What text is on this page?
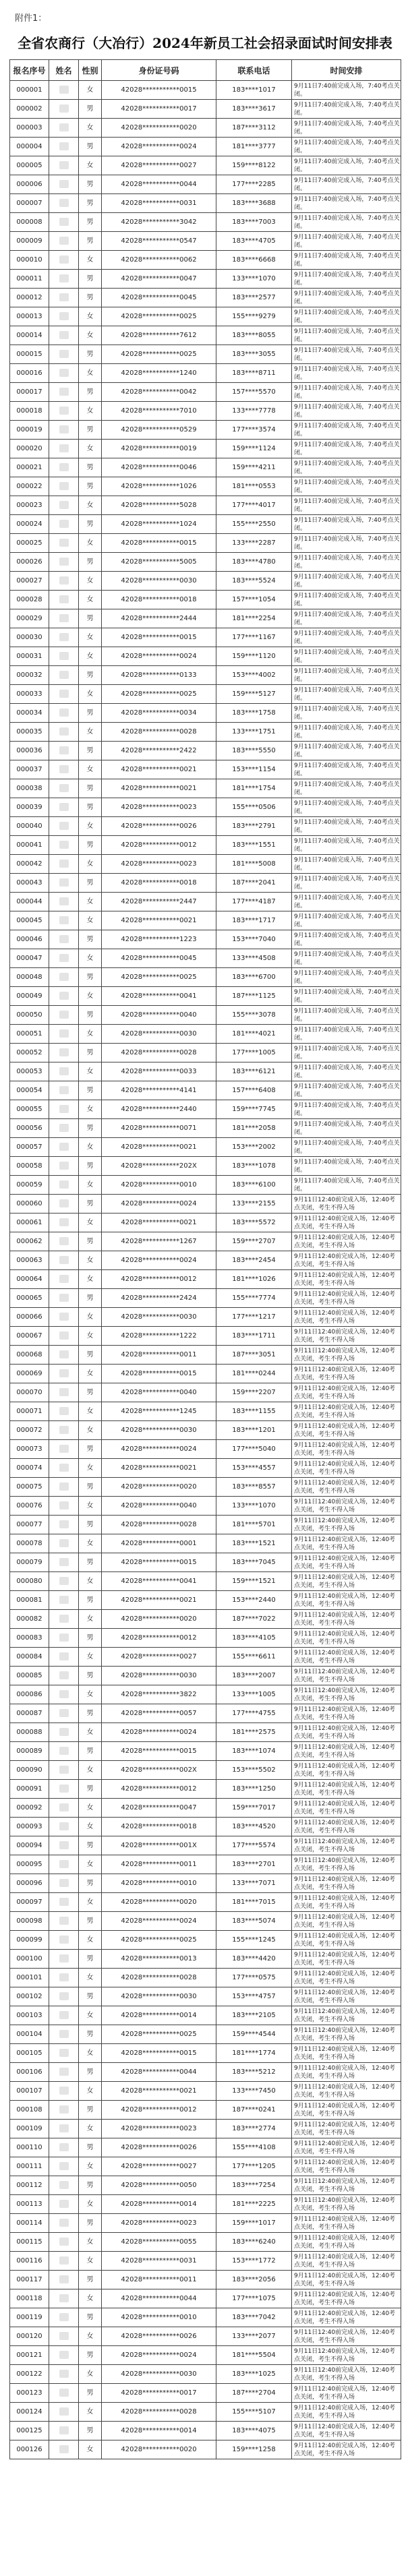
附件1：
全省农商行（大冶行）2024年新员工社会招录面试时间安排表
报名序号	姓名	性别	身份证号码	联系电话	时间安排
000001		女	42028***********0015	183****1017	9月11日7:40前完成入场，7:40考点关闭。
000002		男	42028***********0017	183****3617	9月11日7:40前完成入场，7:40考点关闭。
000003		女	42028***********0020	187****3112	9月11日7:40前完成入场，7:40考点关闭。
000004		男	42028***********0024	181****3777	9月11日7:40前完成入场，7:40考点关闭。
000005		女	42028***********0027	159****8122	9月11日7:40前完成入场，7:40考点关闭。
000006		男	42028***********0044	177****2285	9月11日7:40前完成入场，7:40考点关闭。
000007		男	42028***********0031	183****3688	9月11日7:40前完成入场，7:40考点关闭。
000008		男	42028***********3042	183****7003	9月11日7:40前完成入场，7:40考点关闭。
000009		男	42028***********0547	183****4705	9月11日7:40前完成入场，7:40考点关闭。
000010		女	42028***********0062	183****6668	9月11日7:40前完成入场，7:40考点关闭。
000011		男	42028***********0047	133****1070	9月11日7:40前完成入场，7:40考点关闭。
000012		男	42028***********0045	183****2577	9月11日7:40前完成入场，7:40考点关闭。
000013		女	42028***********0025	155****9279	9月11日7:40前完成入场，7:40考点关闭。
000014		女	42028***********7612	183****8055	9月11日7:40前完成入场，7:40考点关闭。
000015		男	42028***********0025	183****3055	9月11日7:40前完成入场，7:40考点关闭。
000016		女	42028***********1240	183****8711	9月11日7:40前完成入场，7:40考点关闭。
000017		男	42028***********0042	157****5570	9月11日7:40前完成入场，7:40考点关闭。
000018		女	42028***********7010	133****7778	9月11日7:40前完成入场，7:40考点关闭。
000019		男	42028***********0529	177****3574	9月11日7:40前完成入场，7:40考点关闭。
000020		女	42028***********0019	159****1124	9月11日7:40前完成入场，7:40考点关闭。
000021		男	42028***********0046	159****4211	9月11日7:40前完成入场，7:40考点关闭。
000022		男	42028***********1026	181****0553	9月11日7:40前完成入场，7:40考点关闭。
000023		女	42028***********5028	177****4017	9月11日7:40前完成入场，7:40考点关闭。
000024		男	42028***********1024	155****2550	9月11日7:40前完成入场，7:40考点关闭。
000025		女	42028***********0015	133****2287	9月11日7:40前完成入场，7:40考点关闭。
000026		男	42028***********5005	183****4780	9月11日7:40前完成入场，7:40考点关闭。
000027		女	42028***********0030	183****5524	9月11日7:40前完成入场，7:40考点关闭。
000028		女	42028***********0018	157****1054	9月11日7:40前完成入场，7:40考点关闭。
000029		男	42028***********2444	181****2254	9月11日7:40前完成入场，7:40考点关闭。
000030		女	42028***********0015	177****1167	9月11日7:40前完成入场，7:40考点关闭。
000031		女	42028***********0024	159****1120	9月11日7:40前完成入场，7:40考点关闭。
000032		男	42028***********0133	153****4002	9月11日7:40前完成入场，7:40考点关闭。
000033		女	42028***********0025	159****5127	9月11日7:40前完成入场，7:40考点关闭。
000034		男	42028***********0034	183****1758	9月11日7:40前完成入场，7:40考点关闭。
000035		女	42028***********0028	133****1751	9月11日7:40前完成入场，7:40考点关闭。
000036		男	42028***********2422	183****5550	9月11日7:40前完成入场，7:40考点关闭。
000037		女	42028***********0021	153****1154	9月11日7:40前完成入场，7:40考点关闭。
000038		男	42028***********0021	181****1754	9月11日7:40前完成入场，7:40考点关闭。
000039		男	42028***********0023	155****0506	9月11日7:40前完成入场，7:40考点关闭。
000040		女	42028***********0026	183****2791	9月11日7:40前完成入场，7:40考点关闭。
000041		男	42028***********0012	183****1551	9月11日7:40前完成入场，7:40考点关闭。
000042		女	42028***********0023	181****5008	9月11日7:40前完成入场，7:40考点关闭。
000043		男	42028***********0018	187****2041	9月11日7:40前完成入场，7:40考点关闭。
000044		女	42028***********2447	177****4187	9月11日7:40前完成入场，7:40考点关闭。
000045		女	42028***********0021	183****1717	9月11日7:40前完成入场，7:40考点关闭。
000046		男	42028***********1223	153****7040	9月11日7:40前完成入场，7:40考点关闭。
000047		女	42028***********0045	133****4508	9月11日7:40前完成入场，7:40考点关闭。
000048		男	42028***********0025	183****6700	9月11日7:40前完成入场，7:40考点关闭。
000049		女	42028***********0041	187****1125	9月11日7:40前完成入场，7:40考点关闭。
000050		男	42028***********0040	155****3078	9月11日7:40前完成入场，7:40考点关闭。
000051		女	42028***********0030	181****4021	9月11日7:40前完成入场，7:40考点关闭。
000052		男	42028***********0028	177****1005	9月11日7:40前完成入场，7:40考点关闭。
000053		女	42028***********0033	183****6121	9月11日7:40前完成入场，7:40考点关闭。
000054		男	42028***********4141	157****6408	9月11日7:40前完成入场，7:40考点关闭。
000055		女	42028***********2440	159****7745	9月11日7:40前完成入场，7:40考点关闭。
000056		男	42028***********0071	181****2058	9月11日7:40前完成入场，7:40考点关闭。
000057		女	42028***********0021	153****2002	9月11日7:40前完成入场，7:40考点关闭。
000058		男	42028***********202X	183****1078	9月11日7:40前完成入场，7:40考点关闭。
000059		女	42028***********0010	183****6100	9月11日7:40前完成入场，7:40考点关闭。
000060		男	42028***********0024	133****2155	9月11日12:40前完成入场，12:40考点关闭，考生不得入场
000061		女	42028***********0021	183****5572	9月11日12:40前完成入场，12:40考点关闭，考生不得入场
000062		男	42028***********1267	159****2707	9月11日12:40前完成入场，12:40考点关闭，考生不得入场
000063		女	42028***********0024	183****2454	9月11日12:40前完成入场，12:40考点关闭，考生不得入场
000064		女	42028***********0012	181****1026	9月11日12:40前完成入场，12:40考点关闭，考生不得入场
000065		男	42028***********2424	155****7774	9月11日12:40前完成入场，12:40考点关闭，考生不得入场
000066		女	42028***********0030	177****1217	9月11日12:40前完成入场，12:40考点关闭，考生不得入场
000067		女	42028***********1222	183****1711	9月11日12:40前完成入场，12:40考点关闭，考生不得入场
000068		男	42028***********0011	187****3051	9月11日12:40前完成入场，12:40考点关闭，考生不得入场
000069		女	42028***********0015	181****0244	9月11日12:40前完成入场，12:40考点关闭，考生不得入场
000070		男	42028***********0040	159****2207	9月11日12:40前完成入场，12:40考点关闭，考生不得入场
000071		女	42028***********1245	183****1155	9月11日12:40前完成入场，12:40考点关闭，考生不得入场
000072		女	42028***********0030	183****1201	9月11日12:40前完成入场，12:40考点关闭，考生不得入场
000073		男	42028***********0024	177****5040	9月11日12:40前完成入场，12:40考点关闭，考生不得入场
000074		女	42028***********0021	153****4557	9月11日12:40前完成入场，12:40考点关闭，考生不得入场
000075		男	42028***********0020	183****8557	9月11日12:40前完成入场，12:40考点关闭，考生不得入场
000076		女	42028***********0040	133****1070	9月11日12:40前完成入场，12:40考点关闭，考生不得入场
000077		男	42028***********0028	181****5701	9月11日12:40前完成入场，12:40考点关闭，考生不得入场
000078		女	42028***********0001	183****1521	9月11日12:40前完成入场，12:40考点关闭，考生不得入场
000079		男	42028***********0015	183****7045	9月11日12:40前完成入场，12:40考点关闭，考生不得入场
000080		女	42028***********0041	159****1521	9月11日12:40前完成入场，12:40考点关闭，考生不得入场
000081		男	42028***********0021	153****2440	9月11日12:40前完成入场，12:40考点关闭，考生不得入场
000082		女	42028***********0020	187****7022	9月11日12:40前完成入场，12:40考点关闭，考生不得入场
000083		男	42028***********0012	183****4105	9月11日12:40前完成入场，12:40考点关闭，考生不得入场
000084		女	42028***********0027	155****6611	9月11日12:40前完成入场，12:40考点关闭，考生不得入场
000085		男	42028***********0030	183****2007	9月11日12:40前完成入场，12:40考点关闭，考生不得入场
000086		女	42028***********3822	133****1005	9月11日12:40前完成入场，12:40考点关闭，考生不得入场
000087		男	42028***********0057	177****4755	9月11日12:40前完成入场，12:40考点关闭，考生不得入场
000088		女	42028***********0024	181****2575	9月11日12:40前完成入场，12:40考点关闭，考生不得入场
000089		男	42028***********0015	183****1074	9月11日12:40前完成入场，12:40考点关闭，考生不得入场
000090		女	42028***********002X	153****5502	9月11日12:40前完成入场，12:40考点关闭，考生不得入场
000091		男	42028***********0012	183****1250	9月11日12:40前完成入场，12:40考点关闭，考生不得入场
000092		女	42028***********0047	159****7017	9月11日12:40前完成入场，12:40考点关闭，考生不得入场
000093		女	42028***********0018	183****4520	9月11日12:40前完成入场，12:40考点关闭，考生不得入场
000094		男	42028***********001X	177****5574	9月11日12:40前完成入场，12:40考点关闭，考生不得入场
000095		女	42028***********0011	183****2701	9月11日12:40前完成入场，12:40考点关闭，考生不得入场
000096		男	42028***********0010	133****7071	9月11日12:40前完成入场，12:40考点关闭，考生不得入场
000097		女	42028***********0020	181****7015	9月11日12:40前完成入场，12:40考点关闭，考生不得入场
000098		男	42028***********0024	183****5074	9月11日12:40前完成入场，12:40考点关闭，考生不得入场
000099		女	42028***********0025	155****1245	9月11日12:40前完成入场，12:40考点关闭，考生不得入场
000100		男	42028***********0013	183****4420	9月11日12:40前完成入场，12:40考点关闭，考生不得入场
000101		女	42028***********0028	177****0575	9月11日12:40前完成入场，12:40考点关闭，考生不得入场
000102		男	42028***********0030	153****4757	9月11日12:40前完成入场，12:40考点关闭，考生不得入场
000103		女	42028***********0014	183****2105	9月11日12:40前完成入场，12:40考点关闭，考生不得入场
000104		男	42028***********0025	159****4544	9月11日12:40前完成入场，12:40考点关闭，考生不得入场
000105		女	42028***********0015	181****1774	9月11日12:40前完成入场，12:40考点关闭，考生不得入场
000106		男	42028***********0044	183****5212	9月11日12:40前完成入场，12:40考点关闭，考生不得入场
000107		女	42028***********0021	133****7450	9月11日12:40前完成入场，12:40考点关闭，考生不得入场
000108		男	42028***********0012	187****0241	9月11日12:40前完成入场，12:40考点关闭，考生不得入场
000109		女	42028***********0023	183****2774	9月11日12:40前完成入场，12:40考点关闭，考生不得入场
000110		男	42028***********0026	155****4108	9月11日12:40前完成入场，12:40考点关闭，考生不得入场
000111		女	42028***********0027	177****1205	9月11日12:40前完成入场，12:40考点关闭，考生不得入场
000112		男	42028***********0050	183****7254	9月11日12:40前完成入场，12:40考点关闭，考生不得入场
000113		女	42028***********0014	181****2225	9月11日12:40前完成入场，12:40考点关闭，考生不得入场
000114		男	42028***********0023	159****1017	9月11日12:40前完成入场，12:40考点关闭，考生不得入场
000115		女	42028***********0055	183****6240	9月11日12:40前完成入场，12:40考点关闭，考生不得入场
000116		女	42028***********0031	153****1772	9月11日12:40前完成入场，12:40考点关闭，考生不得入场
000117		男	42028***********0011	183****2056	9月11日12:40前完成入场，12:40考点关闭，考生不得入场
000118		女	42028***********0044	177****1075	9月11日12:40前完成入场，12:40考点关闭，考生不得入场
000119		男	42028***********0010	183****7042	9月11日12:40前完成入场，12:40考点关闭，考生不得入场
000120		女	42028***********0026	133****2077	9月11日12:40前完成入场，12:40考点关闭，考生不得入场
000121		男	42028***********0024	181****5504	9月11日12:40前完成入场，12:40考点关闭，考生不得入场
000122		女	42028***********0030	183****1025	9月11日12:40前完成入场，12:40考点关闭，考生不得入场
000123		男	42028***********0017	187****2704	9月11日12:40前完成入场，12:40考点关闭，考生不得入场
000124		女	42028***********0028	155****5107	9月11日12:40前完成入场，12:40考点关闭，考生不得入场
000125		男	42028***********0014	183****4075	9月11日12:40前完成入场，12:40考点关闭，考生不得入场
000126		女	42028***********0020	159****1258	9月11日12:40前完成入场，12:40考点关闭，考生不得入场
